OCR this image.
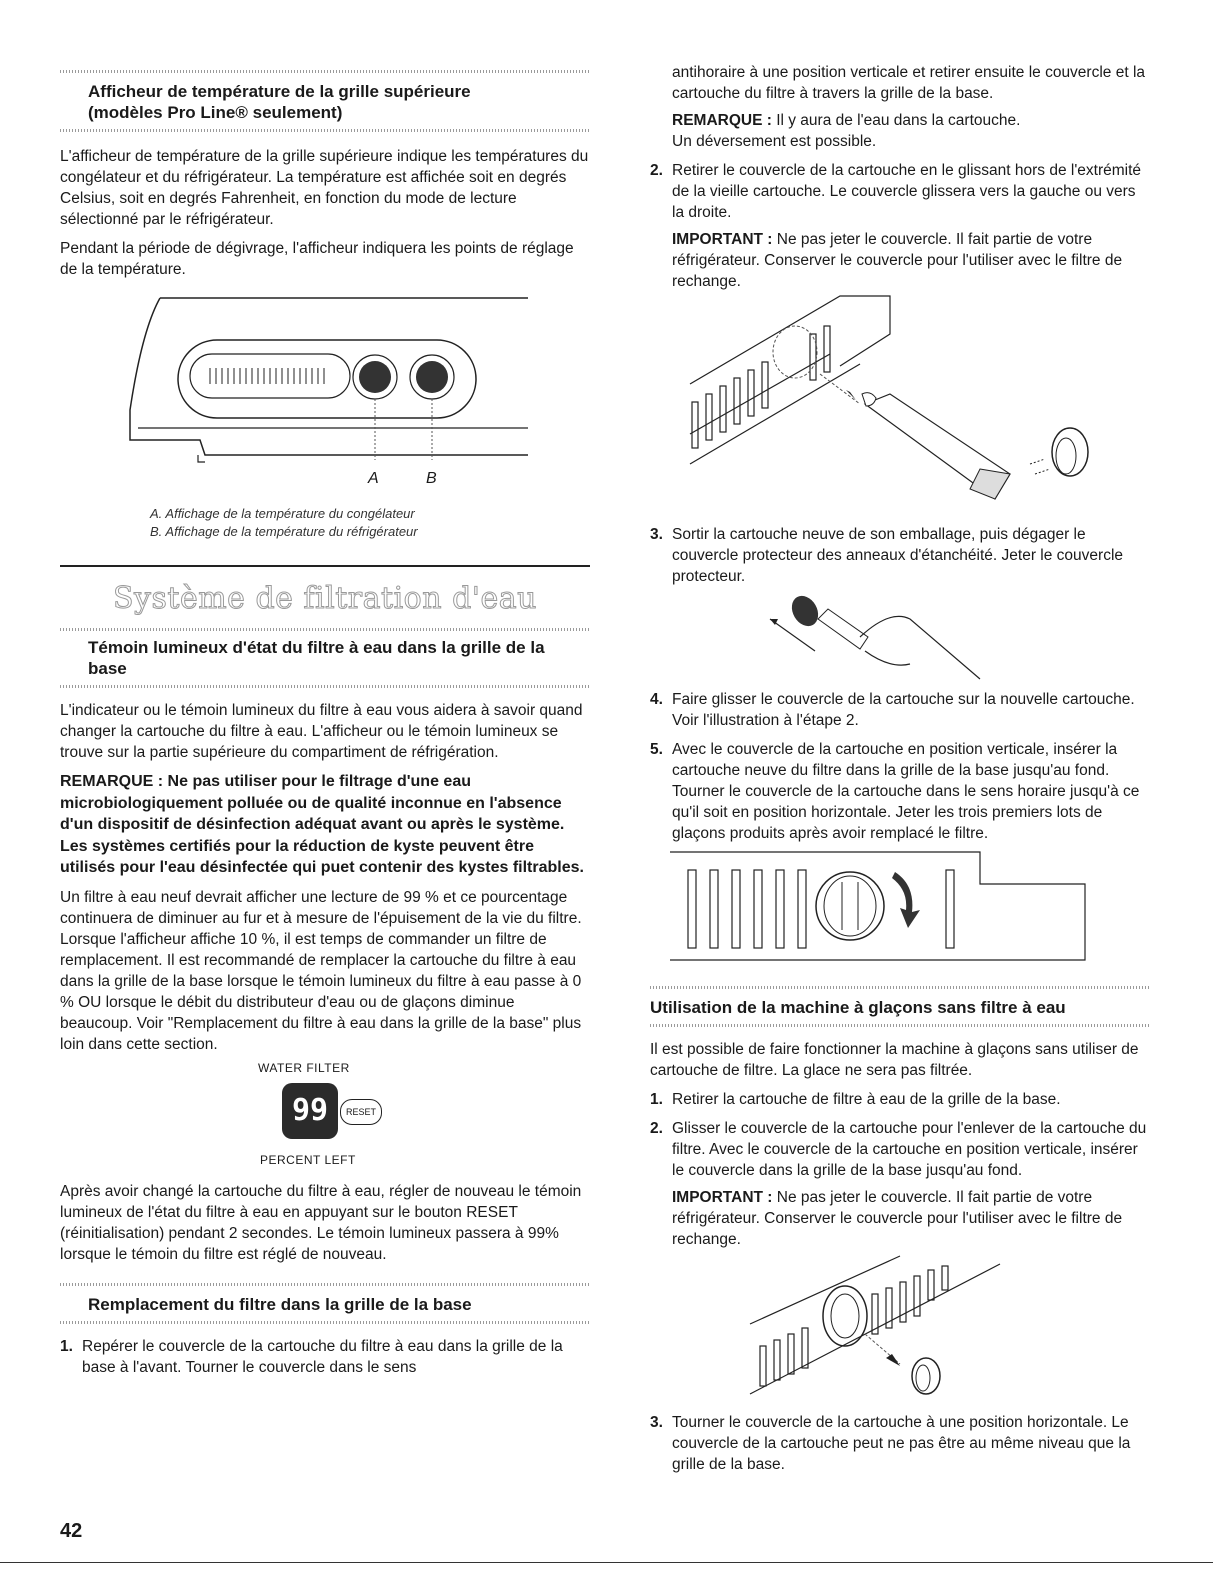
Afficheur de température de la grille supérieure
(modèles Pro Line® seulement)

L'afficheur de température de la grille supérieure indique les températures du congélateur et du réfrigérateur. La température est affichée soit en degrés Celsius, soit en degrés Fahrenheit, en fonction du mode de lecture sélectionné par le réfrigérateur.

Pendant la période de dégivrage, l'afficheur indiquera les points de réglage de la température.

A	B
A. Affichage de la température du congélateur
B. Affichage de la température du réfrigérateur
Système de filtration d'eau
Témoin lumineux d'état du filtre à eau dans la grille de la
base

L'indicateur ou le témoin lumineux du filtre à eau vous aidera à savoir quand changer la cartouche du filtre à eau. L'afficheur ou le témoin lumineux se trouve sur la partie supérieure du compartiment de réfrigération.

REMARQUE : Ne pas utiliser pour le filtrage d'une eau microbiologiquement polluée ou de qualité inconnue en l'absence d'un dispositif de désinfection adéquat avant ou après le système. Les systèmes certifiés pour la réduction de kyste peuvent être utilisés pour l'eau désinfectée qui puet contenir des kystes filtrables.

Un filtre à eau neuf devrait afficher une lecture de 99 % et ce pourcentage continuera de diminuer au fur et à mesure de l'épuisement de la vie du filtre. Lorsque l'afficheur affiche 10 %, il est temps de commander un filtre de remplacement. Il est recommandé de remplacer la cartouche du filtre à eau dans la grille de la base lorsque le témoin lumineux du filtre à eau passe à 0 % OU lorsque le débit du distributeur d'eau ou de glaçons diminue beaucoup. Voir "Remplacement du filtre à eau dans la grille de la base" plus loin dans cette section.

WATER FILTER
99	RESET
PERCENT LEFT

Après avoir changé la cartouche du filtre à eau, régler de nouveau le témoin lumineux de l'état du filtre à eau en appuyant sur le bouton RESET (réinitialisation) pendant 2 secondes. Le témoin lumineux passera à 99% lorsque le témoin du filtre est réglé de nouveau.

Remplacement du filtre dans la grille de la base
1. Repérer le couvercle de la cartouche du filtre à eau dans la grille de la base à l'avant. Tourner le couvercle dans le sens

antihoraire à une position verticale et retirer ensuite le couvercle et la cartouche du filtre à travers la grille de la base.

REMARQUE : Il y aura de l'eau dans la cartouche.

Un déversement est possible.

2. Retirer le couvercle de la cartouche en le glissant hors de l'extrémité de la vieille cartouche. Le couvercle glissera vers la gauche ou vers la droite.

IMPORTANT : Ne pas jeter le couvercle. Il fait partie de votre réfrigérateur. Conserver le couvercle pour l'utiliser avec le filtre de rechange.

3. Sortir la cartouche neuve de son emballage, puis dégager le couvercle protecteur des anneaux d'étanchéité. Jeter le couvercle protecteur.

4. Faire glisser le couvercle de la cartouche sur la nouvelle cartouche. Voir l'illustration à l'étape 2.

5. Avec le couvercle de la cartouche en position verticale, insérer la cartouche neuve du filtre dans la grille de la base jusqu'au fond. Tourner le couvercle de la cartouche dans le sens horaire jusqu'à ce qu'il soit en position horizontale. Jeter les trois premiers lots de glaçons produits après avoir remplacé le filtre.

Utilisation de la machine à glaçons sans filtre à eau

Il est possible de faire fonctionner la machine à glaçons sans utiliser de cartouche de filtre. La glace ne sera pas filtrée.

1. Retirer la cartouche de filtre à eau de la grille de la base.

2. Glisser le couvercle de la cartouche pour l'enlever de la cartouche du filtre. Avec le couvercle de la cartouche en position verticale, insérer le couvercle dans la grille de la base jusqu'au fond.

IMPORTANT : Ne pas jeter le couvercle. Il fait partie de votre réfrigérateur. Conserver le couvercle pour l'utiliser avec le filtre de rechange.

3. Tourner le couvercle de la cartouche à une position horizontale. Le couvercle de la cartouche peut ne pas être au même niveau que la grille de la base.

42
